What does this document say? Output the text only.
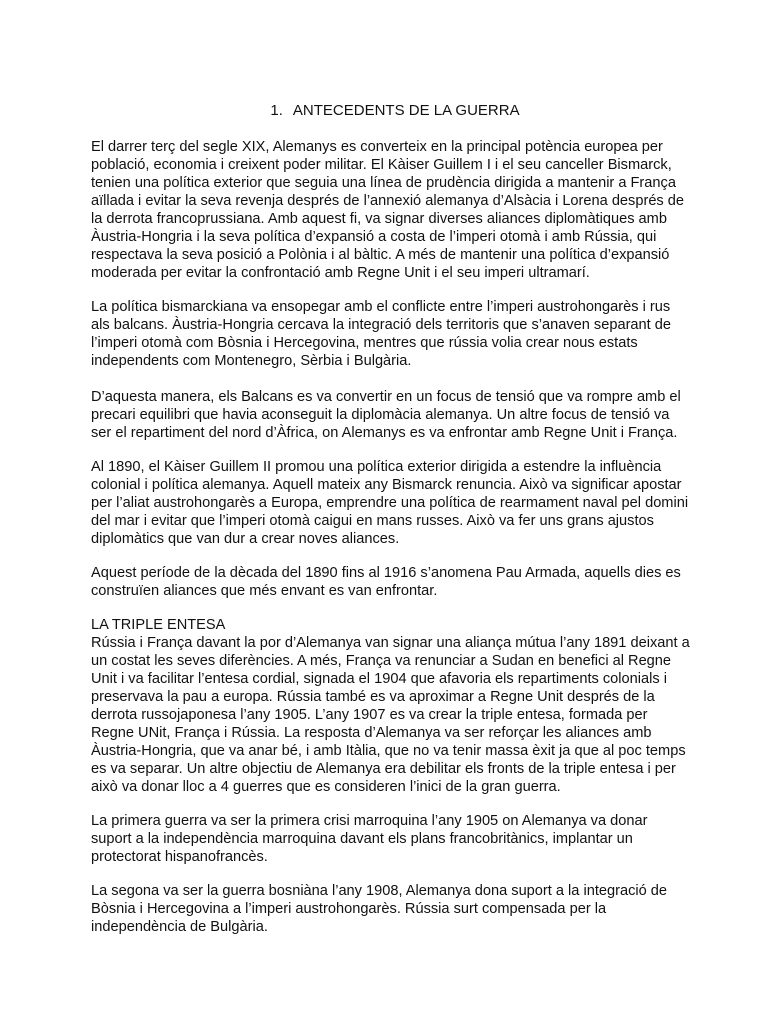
1. ANTECEDENTS DE LA GUERRA

El darrer terç del segle XIX, Alemanys es converteix en la principal potència europea per
població, economia i creixent poder militar. El Kàiser Guillem I i el seu canceller Bismarck,
tenien una política exterior que seguia una línea de prudència dirigida a mantenir a França
aïllada i evitar la seva revenja després de l’annexió alemanya d’Alsàcia i Lorena després de
la derrota francoprussiana. Amb aquest fi, va signar diverses aliances diplomàtiques amb
Àustria-Hongria i la seva política d’expansió a costa de l’imperi otomà i amb Rússia, qui
respectava la seva posició a Polònia i al bàltic. A més de mantenir una política d’expansió
moderada per evitar la confrontació amb Regne Unit i el seu imperi ultramarí.

La política bismarckiana va ensopegar amb el conflicte entre l’imperi austrohongarès i rus
als balcans. Àustria-Hongria cercava la integració dels territoris que s’anaven separant de
l’imperi otomà com Bòsnia i Hercegovina, mentres que rússia volia crear nous estats
independents com Montenegro, Sèrbia i Bulgària.

D’aquesta manera, els Balcans es va convertir en un focus de tensió que va rompre amb el
precari equilibri que havia aconseguit la diplomàcia alemanya. Un altre focus de tensió va
ser el repartiment del nord d’Àfrica, on Alemanys es va enfrontar amb Regne Unit i França.

Al 1890, el Kàiser Guillem II promou una política exterior dirigida a estendre la influència
colonial i política alemanya. Aquell mateix any Bismarck renuncia. Això va significar apostar
per l’aliat austrohongarès a Europa, emprendre una política de rearmament naval pel domini
del mar i evitar que l’imperi otomà caigui en mans russes. Això va fer uns grans ajustos
diplomàtics que van dur a crear noves aliances.

Aquest període de la dècada del 1890 fins al 1916 s’anomena Pau Armada, aquells dies es
construïen aliances que més envant es van enfrontar.

LA TRIPLE ENTESA

Rússia i França davant la por d’Alemanya van signar una aliança mútua l’any 1891 deixant a
un costat les seves diferències. A més, França va renunciar a Sudan en benefici al Regne
Unit i va facilitar l’entesa cordial, signada el 1904 que afavoria els repartiments colonials i
preservava la pau a europa. Rússia també es va aproximar a Regne Unit després de la
derrota russojaponesa l’any 1905. L’any 1907 es va crear la triple entesa, formada per
Regne UNit, França i Rússia. La resposta d’Alemanya va ser reforçar les aliances amb
Àustria-Hongria, que va anar bé, i amb Itàlia, que no va tenir massa èxit ja que al poc temps
es va separar. Un altre objectiu de Alemanya era debilitar els fronts de la triple entesa i per
això va donar lloc a 4 guerres que es consideren l’inici de la gran guerra.

La primera guerra va ser la primera crisi marroquina l’any 1905 on Alemanya va donar
suport a la independència marroquina davant els plans francobritànics, implantar un
protectorat hispanofrancès.

La segona va ser la guerra bosniàna l’any 1908, Alemanya dona suport a la integració de
Bòsnia i Hercegovina a l’imperi austrohongarès. Rússia surt compensada per la
independència de Bulgària.
